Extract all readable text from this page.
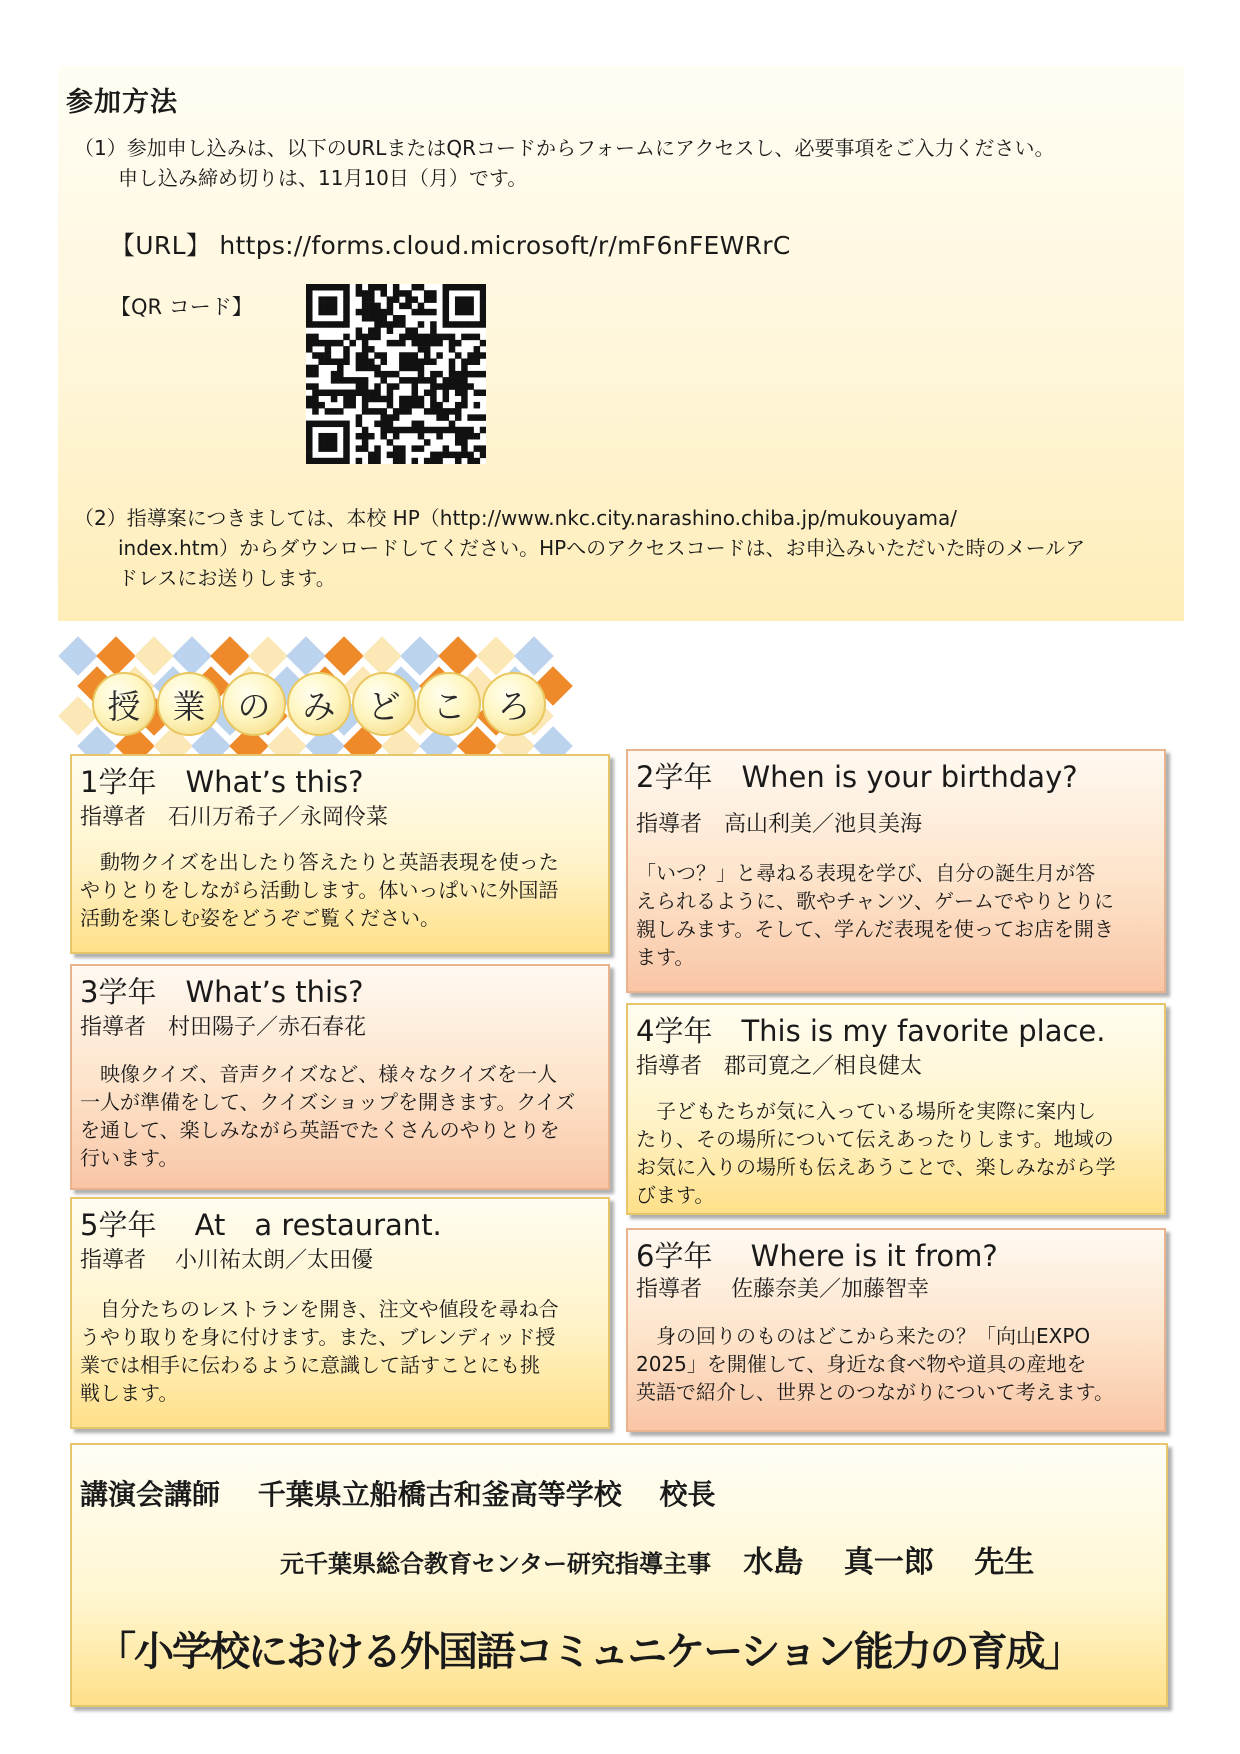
参加方法
（1）参加申し込みは、以下のURLまたはQRコードからフォームにアクセスし、必要事項をご入力ください。
申し込み締め切りは、11月10日（月）です。
【URL】 https://forms.cloud.microsoft/r/mF6nFEWRrC
【QR コード】
（2）指導案につきましては、本校 HP（http://www.nkc.city.narashino.chiba.jp/mukouyama/
index.htm）からダウンロードしてください。HPへのアクセスコードは、お申込みいただいた時のメールア
ドレスにお送りします。
授 業 の み ど こ ろ
1学年　What’s this?
指導者　石川万希子／永岡伶菜
　動物クイズを出したり答えたりと英語表現を使った
やりとりをしながら活動します。体いっぱいに外国語
活動を楽しむ姿をどうぞご覧ください。
2学年　When is your birthday?
指導者　高山利美／池貝美海
「いつ？」と尋ねる表現を学び、自分の誕生月が答
えられるように、歌やチャンツ、ゲームでやりとりに
親しみます。そして、学んだ表現を使ってお店を開き
ます。
3学年　What’s this?
指導者　村田陽子／赤石春花
　映像クイズ、音声クイズなど、様々なクイズを一人
一人が準備をして、クイズショップを開きます。クイズ
を通して、楽しみながら英語でたくさんのやりとりを
行います。
4学年　This is my favorite place.
指導者　郡司寛之／相良健太
　子どもたちが気に入っている場所を実際に案内し
たり、その場所について伝えあったりします。地域の
お気に入りの場所も伝えあうことで、楽しみながら学
びます。
5学年　 At　a restaurant.
指導者　 小川祐太朗／太田優
　自分たちのレストランを開き、注文や値段を尋ね合
うやり取りを身に付けます。また、ブレンディッド授
業では相手に伝わるように意識して話すことにも挑
戦します。
6学年　 Where is it from?
指導者　 佐藤奈美／加藤智幸
　身の回りのものはどこから来たの？「向山EXPO
2025」を開催して、身近な食べ物や道具の産地を
英語で紹介し、世界とのつながりについて考えます。
講演会講師　 千葉県立船橋古和釜高等学校　 校長
元千葉県総合教育センター研究指導主事　 水島　 真一郎　 先生
「小学校における外国語コミュニケーション能力の育成」
